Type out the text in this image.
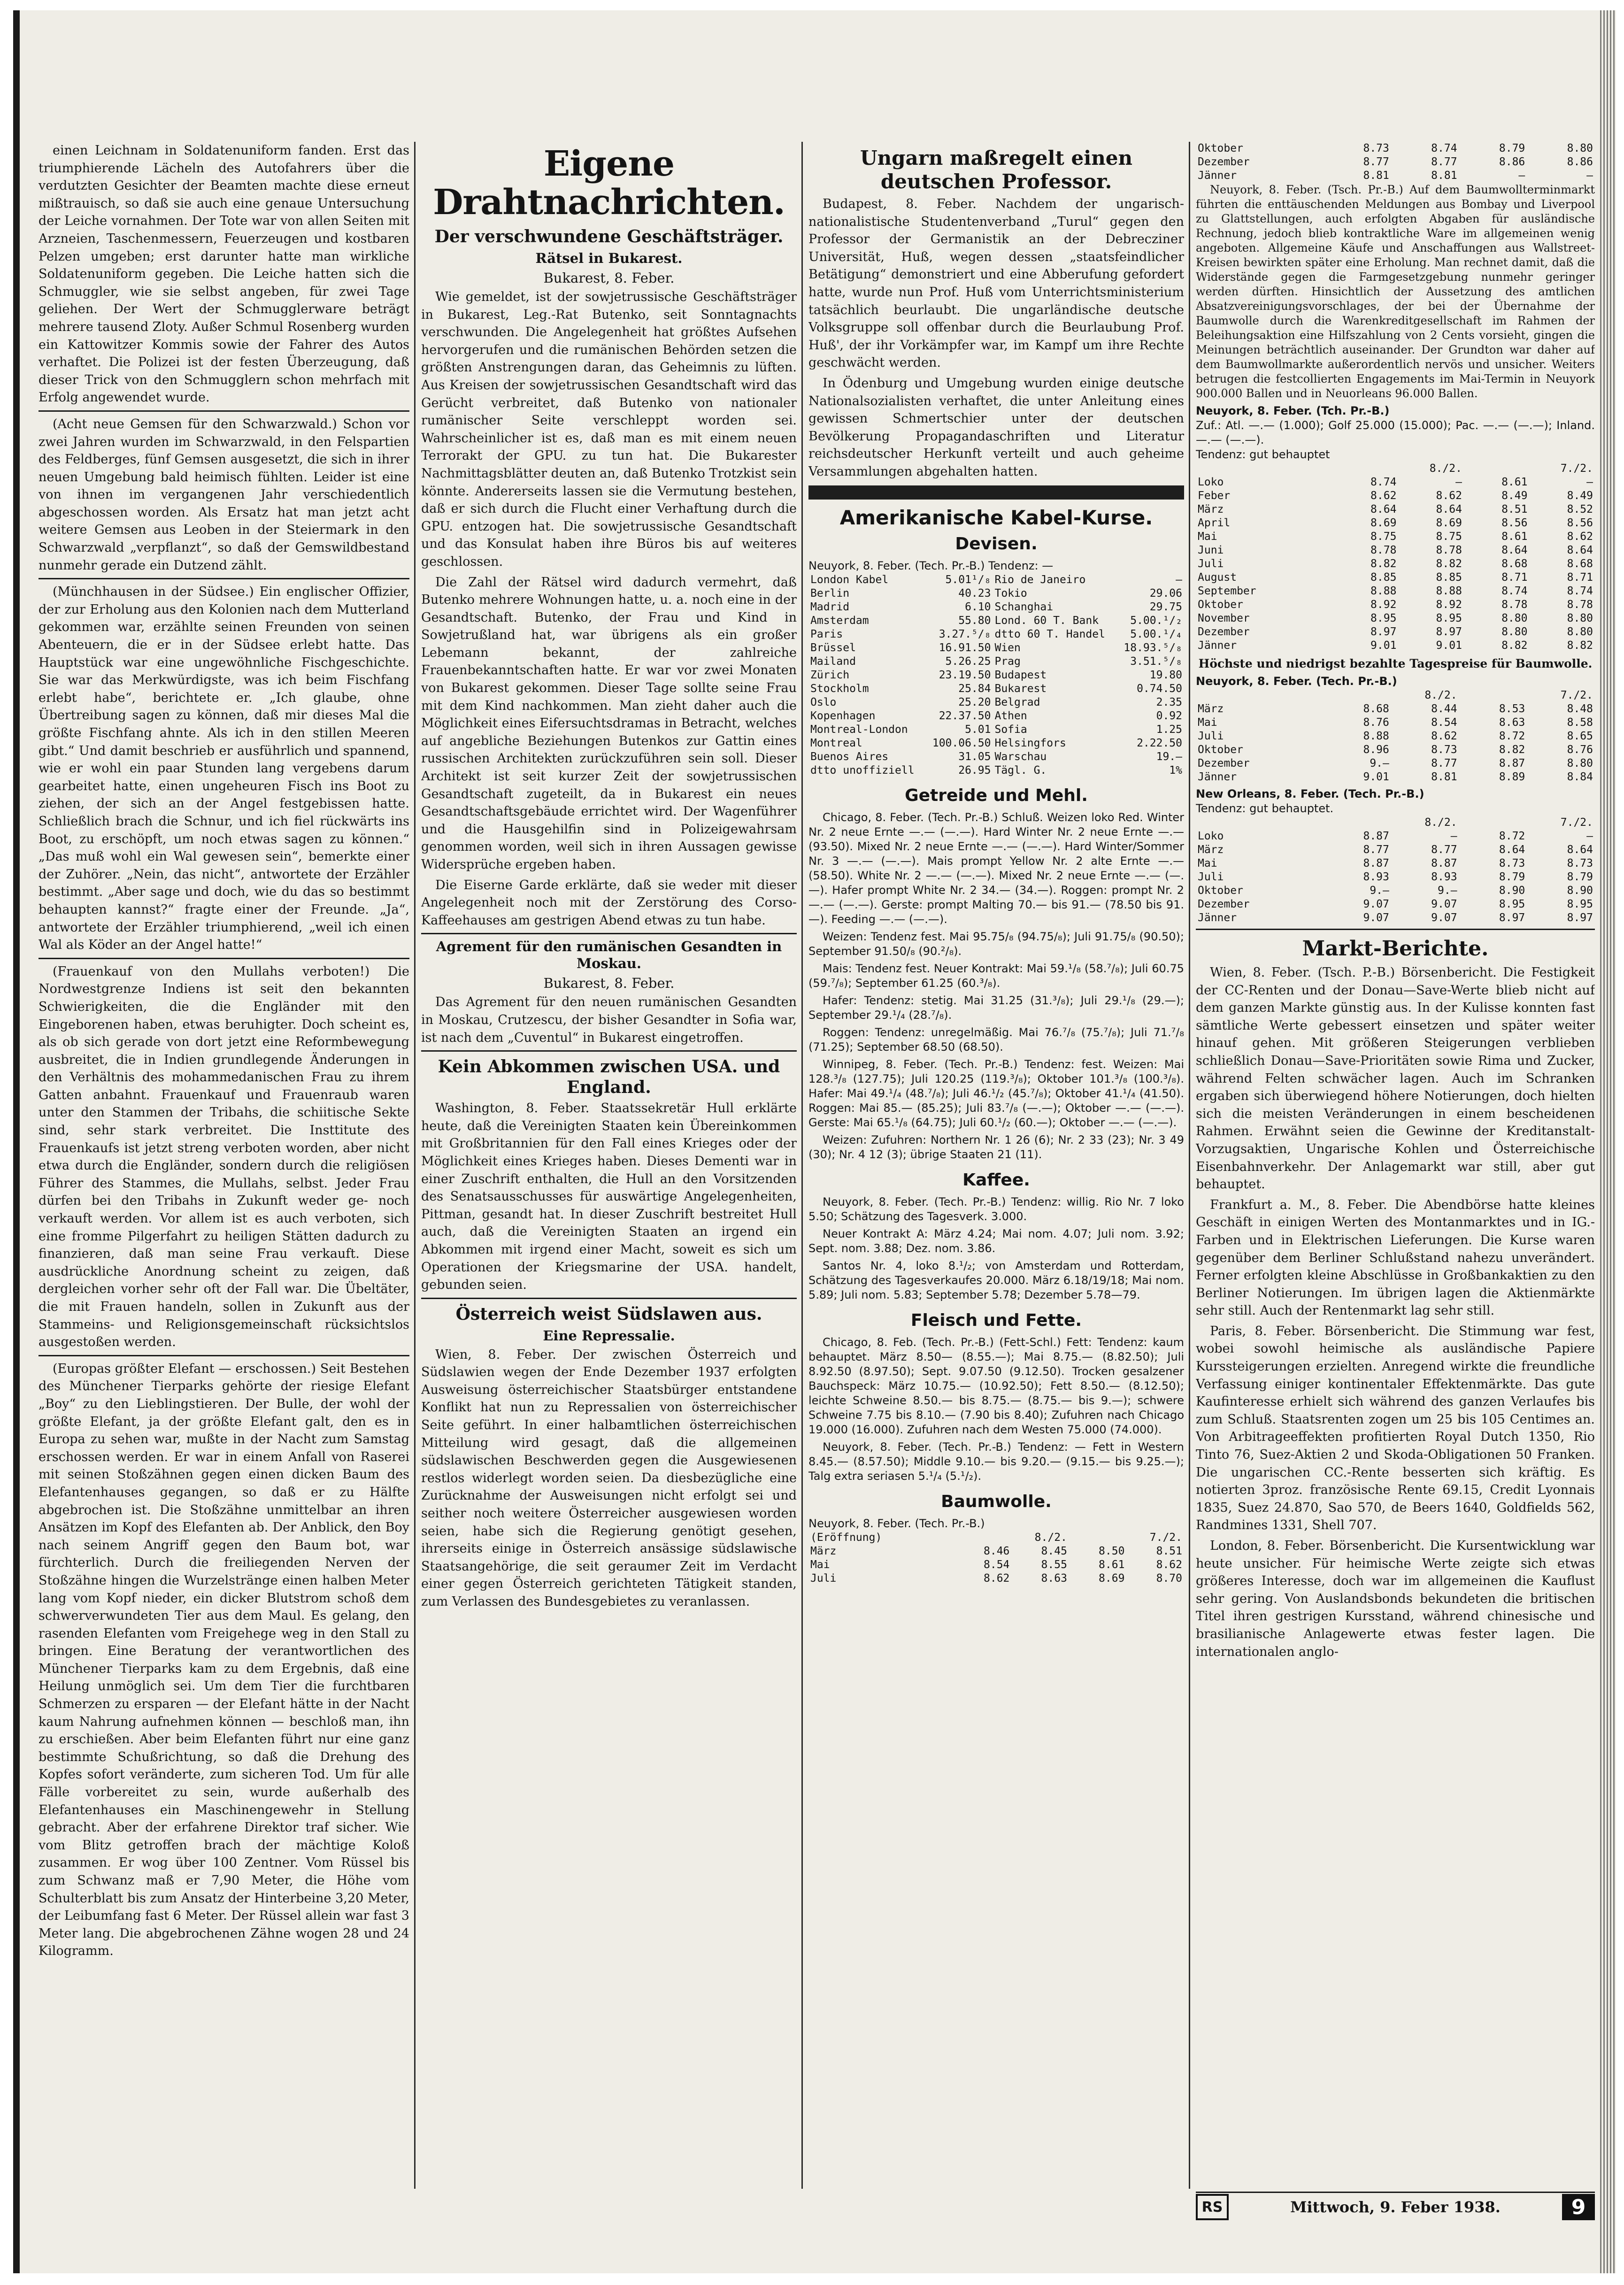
einen Leichnam in Soldatenuniform fanden. Erst das triumphierende Lächeln des Autofahrers über die verdutzten Gesichter der Beamten machte diese erneut mißtrauisch, so daß sie auch eine genaue Untersuchung der Leiche vornahmen. Der Tote war von allen Seiten mit Arzneien, Taschenmessern, Feuerzeugen und kostbaren Pelzen umgeben; erst darunter hatte man wirkliche Soldatenuniform gegeben. Die Leiche hatten sich die Schmuggler, wie sie selbst angeben, für zwei Tage geliehen. Der Wert der Schmugglerware beträgt mehrere tausend Zloty. Außer Schmul Rosenberg wurden ein Kattowitzer Kommis sowie der Fahrer des Autos verhaftet. Die Polizei ist der festen Überzeugung, daß dieser Trick von den Schmugglern schon mehrfach mit Erfolg angewendet wurde.

(Acht neue Gemsen für den Schwarzwald.) Schon vor zwei Jahren wurden im Schwarzwald, in den Felspartien des Feldberges, fünf Gemsen ausgesetzt, die sich in ihrer neuen Umgebung bald heimisch fühlten. Leider ist eine von ihnen im vergangenen Jahr verschiedentlich abgeschossen worden. Als Ersatz hat man jetzt acht weitere Gemsen aus Leoben in der Steiermark in den Schwarzwald „verpflanzt“, so daß der Gemswildbestand nunmehr gerade ein Dutzend zählt.

(Münchhausen in der Südsee.) Ein englischer Offizier, der zur Erholung aus den Kolonien nach dem Mutterland gekommen war, erzählte seinen Freunden von seinen Abenteuern, die er in der Südsee erlebt hatte. Das Hauptstück war eine ungewöhnliche Fischgeschichte. Sie war das Merkwürdigste, was ich beim Fischfang erlebt habe“, berichtete er. „Ich glaube, ohne Übertreibung sagen zu können, daß mir dieses Mal die größte Fischfang ahnte. Als ich in den stillen Meeren gibt.“ Und damit beschrieb er ausführlich und spannend, wie er wohl ein paar Stunden lang vergebens darum gearbeitet hatte, einen ungeheuren Fisch ins Boot zu ziehen, der sich an der Angel festgebissen hatte. Schließlich brach die Schnur, und ich fiel rückwärts ins Boot, zu erschöpft, um noch etwas sagen zu können.“ „Das muß wohl ein Wal gewesen sein“, bemerkte einer der Zuhörer. „Nein, das nicht“, antwortete der Erzähler bestimmt. „Aber sage und doch, wie du das so bestimmt behaupten kannst?“ fragte einer der Freunde. „Ja“, antwortete der Erzähler triumphierend, „weil ich einen Wal als Köder an der Angel hatte!“

(Frauenkauf von den Mullahs verboten!) Die Nordwestgrenze Indiens ist seit den bekannten Schwierigkeiten, die die Engländer mit den Eingeborenen haben, etwas beruhigter. Doch scheint es, als ob sich gerade von dort jetzt eine Reformbewegung ausbreitet, die in Indien grundlegende Änderungen in den Verhältnis des mohammedanischen Frau zu ihrem Gatten anbahnt. Frauenkauf und Frauenraub waren unter den Stammen der Tribahs, die schiitische Sekte sind, sehr stark verbreitet. Die Insttitute des Frauenkaufs ist jetzt streng verboten worden, aber nicht etwa durch die Engländer, sondern durch die religiösen Führer des Stammes, die Mullahs, selbst. Jeder Frau dürfen bei den Tribahs in Zukunft weder ge- noch verkauft werden. Vor allem ist es auch verboten, sich eine fromme Pilgerfahrt zu heiligen Stätten dadurch zu finanzieren, daß man seine Frau verkauft. Diese ausdrückliche Anordnung scheint zu zeigen, daß dergleichen vorher sehr oft der Fall war. Die Übeltäter, die mit Frauen handeln, sollen in Zukunft aus der Stammeins- und Religionsgemeinschaft rücksichtslos ausgestoßen werden.

(Europas größter Elefant — erschossen.) Seit Bestehen des Münchener Tierparks gehörte der riesige Elefant „Boy“ zu den Lieblingstieren. Der Bulle, der wohl der größte Elefant, ja der größte Elefant galt, den es in Europa zu sehen war, mußte in der Nacht zum Samstag erschossen werden. Er war in einem Anfall von Raserei mit seinen Stoßzähnen gegen einen dicken Baum des Elefantenhauses gegangen, so daß er zu Hälfte abgebrochen ist. Die Stoßzähne unmittelbar an ihren Ansätzen im Kopf des Elefanten ab. Der Anblick, den Boy nach seinem Angriff gegen den Baum bot, war fürchterlich. Durch die freiliegenden Nerven der Stoßzähne hingen die Wurzelstränge einen halben Meter lang vom Kopf nieder, ein dicker Blutstrom schoß dem schwerverwundeten Tier aus dem Maul. Es gelang, den rasenden Elefanten vom Freigehege weg in den Stall zu bringen. Eine Beratung der verantwortlichen des Münchener Tierparks kam zu dem Ergebnis, daß eine Heilung unmöglich sei. Um dem Tier die furchtbaren Schmerzen zu ersparen — der Elefant hätte in der Nacht kaum Nahrung aufnehmen können — beschloß man, ihn zu erschießen. Aber beim Elefanten führt nur eine ganz bestimmte Schußrichtung, so daß die Drehung des Kopfes sofort veränderte, zum sicheren Tod. Um für alle Fälle vorbereitet zu sein, wurde außerhalb des Elefantenhauses ein Maschinengewehr in Stellung gebracht. Aber der erfahrene Direktor traf sicher. Wie vom Blitz getroffen brach der mächtige Koloß zusammen. Er wog über 100 Zentner. Vom Rüssel bis zum Schwanz maß er 7,90 Meter, die Höhe vom Schulterblatt bis zum Ansatz der Hinterbeine 3,20 Meter, der Leibumfang fast 6 Meter. Der Rüssel allein war fast 3 Meter lang. Die abgebrochenen Zähne wogen 28 und 24 Kilogramm.

Eigene Drahtnachrichten.
Der verschwundene Geschäftsträger.
Rätsel in Bukarest.
Bukarest, 8. Feber.

Wie gemeldet, ist der sowjetrussische Geschäftsträger in Bukarest, Leg.-Rat Butenko, seit Sonntagnachts verschwunden. Die Angelegenheit hat größtes Aufsehen hervorgerufen und die rumänischen Behörden setzen die größten Anstrengungen daran, das Geheimnis zu lüften. Aus Kreisen der sowjetrussischen Gesandtschaft wird das Gerücht verbreitet, daß Butenko von nationaler rumänischer Seite verschleppt worden sei. Wahrscheinlicher ist es, daß man es mit einem neuen Terrorakt der GPU. zu tun hat. Die Bukarester Nachmittagsblätter deuten an, daß Butenko Trotzkist sein könnte. Andererseits lassen sie die Vermutung bestehen, daß er sich durch die Flucht einer Verhaftung durch die GPU. entzogen hat. Die sowjetrussische Gesandtschaft und das Konsulat haben ihre Büros bis auf weiteres geschlossen.

Die Zahl der Rätsel wird dadurch vermehrt, daß Butenko mehrere Wohnungen hatte, u. a. noch eine in der Gesandtschaft. Butenko, der Frau und Kind in Sowjetrußland hat, war übrigens als ein großer Lebemann bekannt, der zahlreiche Frauenbekanntschaften hatte. Er war vor zwei Monaten von Bukarest gekommen. Dieser Tage sollte seine Frau mit dem Kind nachkommen. Man zieht daher auch die Möglichkeit eines Eifersuchtsdramas in Betracht, welches auf angebliche Beziehungen Butenkos zur Gattin eines russischen Architekten zurückzuführen sein soll. Dieser Architekt ist seit kurzer Zeit der sowjetrussischen Gesandtschaft zugeteilt, da in Bukarest ein neues Gesandtschaftsgebäude errichtet wird. Der Wagenführer und die Hausgehilfin sind in Polizeigewahrsam genommen worden, weil sich in ihren Aussagen gewisse Widersprüche ergeben haben.

Die Eiserne Garde erklärte, daß sie weder mit dieser Angelegenheit noch mit der Zerstörung des Corso-Kaffeehauses am gestrigen Abend etwas zu tun habe.

Agrement für den rumänischen Gesandten in Moskau.
Bukarest, 8. Feber.

Das Agrement für den neuen rumänischen Gesandten in Moskau, Crutzescu, der bisher Gesandter in Sofia war, ist nach dem „Cuventul“ in Bukarest eingetroffen.

Kein Abkommen zwischen USA. und England.

Washington, 8. Feber. Staatssekretär Hull erklärte heute, daß die Vereinigten Staaten kein Übereinkommen mit Großbritannien für den Fall eines Krieges oder der Möglichkeit eines Krieges haben. Dieses Dementi war in einer Zuschrift enthalten, die Hull an den Vorsitzenden des Senatsausschusses für auswärtige Angelegenheiten, Pittman, gesandt hat. In dieser Zuschrift bestreitet Hull auch, daß die Vereinigten Staaten an irgend ein Abkommen mit irgend einer Macht, soweit es sich um Operationen der Kriegsmarine der USA. handelt, gebunden seien.

Österreich weist Südslawen aus.
Eine Repressalie.

Wien, 8. Feber. Der zwischen Österreich und Südslawien wegen der Ende Dezember 1937 erfolgten Ausweisung österreichischer Staatsbürger entstandene Konflikt hat nun zu Repressalien von österreichischer Seite geführt. In einer halbamtlichen österreichischen Mitteilung wird gesagt, daß die allgemeinen südslawischen Beschwerden gegen die Ausgewiesenen restlos widerlegt worden seien. Da diesbezügliche eine Zurücknahme der Ausweisungen nicht erfolgt sei und seither noch weitere Österreicher ausgewiesen worden seien, habe sich die Regierung genötigt gesehen, ihrerseits einige in Österreich ansässige südslawische Staatsangehörige, die seit geraumer Zeit im Verdacht einer gegen Österreich gerichteten Tätigkeit standen, zum Verlassen des Bundesgebietes zu veranlassen.

Ungarn maßregelt einen deutschen Professor.

Budapest, 8. Feber. Nachdem der ungarisch-nationalistische Studentenverband „Turul“ gegen den Professor der Germanistik an der Debrecziner Universität, Huß, wegen dessen „staatsfeindlicher Betätigung“ demonstriert und eine Abberufung gefordert hatte, wurde nun Prof. Huß vom Unterrichtsministerium tatsächlich beurlaubt. Die ungarländische deutsche Volksgruppe soll offenbar durch die Beurlaubung Prof. Huß', der ihr Vorkämpfer war, im Kampf um ihre Rechte geschwächt werden.

In Ödenburg und Umgebung wurden einige deutsche Nationalsozialisten verhaftet, die unter Anleitung eines gewissen Schmertschier unter der deutschen Bevölkerung Propagandaschriften und Literatur reichsdeutscher Herkunft verteilt und auch geheime Versammlungen abgehalten hatten.

Amerikanische Kabel-Kurse.
Devisen.
Neuyork, 8. Feber. (Tech. Pr.-B.) Tendenz: —
London Kabel	5.01¹/₈	Rio de Janeiro	—
Berlin	40.23	Tokio	29.06
Madrid	6.10	Schanghai	29.75
Amsterdam	55.80	Lond. 60 T. Bank	5.00.¹/₂
Paris	3.27.⁵/₈	dtto 60 T. Handel	5.00.¹/₄
Brüssel	16.91.50	Wien	18.93.⁵/₈
Mailand	5.26.25	Prag	3.51.⁵/₈
Zürich	23.19.50	Budapest	19.80
Stockholm	25.84	Bukarest	0.74.50
Oslo	25.20	Belgrad	2.35
Kopenhagen	22.37.50	Athen	0.92
Montreal-London	5.01	Sofia	1.25
Montreal	100.06.50	Helsingfors	2.22.50
Buenos Aires	31.05	Warschau	19.—
dtto unoffiziell	26.95	Tägl. G.	1%
Getreide und Mehl.

Chicago, 8. Feber. (Tech. Pr.-B.) Schluß. Weizen loko Red. Winter Nr. 2 neue Ernte —.— (—.—). Hard Winter Nr. 2 neue Ernte —.— (93.50). Mixed Nr. 2 neue Ernte —.— (—.—). Hard Winter/Sommer Nr. 3 —.— (—.—). Mais prompt Yellow Nr. 2 alte Ernte —.— (58.50). White Nr. 2 —.— (—.—). Mixed Nr. 2 neue Ernte —.— (—.—). Hafer prompt White Nr. 2 34.— (34.—). Roggen: prompt Nr. 2 —.— (—.—). Gerste: prompt Malting 70.— bis 91.— (78.50 bis 91.—). Feeding —.— (—.—).

Weizen: Tendenz fest. Mai 95.75/₈ (94.75/₈); Juli 91.75/₈ (90.50); September 91.50/₈ (90.²/₈).

Mais: Tendenz fest. Neuer Kontrakt: Mai 59.¹/₈ (58.⁷/₈); Juli 60.75 (59.⁷/₈); September 61.25 (60.³/₈).

Hafer: Tendenz: stetig. Mai 31.25 (31.³/₈); Juli 29.¹/₈ (29.—); September 29.¹/₄ (28.⁷/₈).

Roggen: Tendenz: unregelmäßig. Mai 76.⁷/₈ (75.⁷/₈); Juli 71.⁷/₈ (71.25); September 68.50 (68.50).

Winnipeg, 8. Feber. (Tech. Pr.-B.) Tendenz: fest. Weizen: Mai 128.³/₈ (127.75); Juli 120.25 (119.³/₈); Oktober 101.³/₈ (100.³/₈). Hafer: Mai 49.¹/₄ (48.⁷/₈); Juli 46.¹/₂ (45.⁷/₈); Oktober 41.¹/₄ (41.50). Roggen: Mai 85.— (85.25); Juli 83.⁷/₈ (—.—); Oktober —.— (—.—). Gerste: Mai 65.¹/₈ (64.75); Juli 60.¹/₂ (60.—); Oktober —.— (—.—).

Weizen: Zufuhren: Northern Nr. 1 26 (6); Nr. 2 33 (23); Nr. 3 49 (30); Nr. 4 12 (3); übrige Staaten 21 (11).

Kaffee.

Neuyork, 8. Feber. (Tech. Pr.-B.) Tendenz: willig. Rio Nr. 7 loko 5.50; Schätzung des Tagesverk. 3.000.

Neuer Kontrakt A: März 4.24; Mai nom. 4.07; Juli nom. 3.92; Sept. nom. 3.88; Dez. nom. 3.86.

Santos Nr. 4, loko 8.¹/₂; von Amsterdam und Rotterdam, Schätzung des Tagesverkaufes 20.000. März 6.18/19/18; Mai nom. 5.89; Juli nom. 5.83; September 5.78; Dezember 5.78—79.

Fleisch und Fette.

Chicago, 8. Feb. (Tech. Pr.-B.) (Fett-Schl.) Fett: Tendenz: kaum behauptet. März 8.50— (8.55.—); Mai 8.75.— (8.82.50); Juli 8.92.50 (8.97.50); Sept. 9.07.50 (9.12.50). Trocken gesalzener Bauchspeck: März 10.75.— (10.92.50); Fett 8.50.— (8.12.50); leichte Schweine 8.50.— bis 8.75.— (8.75.— bis 9.—); schwere Schweine 7.75 bis 8.10.— (7.90 bis 8.40); Zufuhren nach Chicago 19.000 (16.000). Zufuhren nach dem Westen 75.000 (74.000).

Neuyork, 8. Feber. (Tech. Pr.-B.) Tendenz: — Fett in Western 8.45.— (8.57.50); Middle 9.10.— bis 9.20.— (9.15.— bis 9.25.—); Talg extra seriasen 5.¹/₄ (5.¹/₂).

Baumwolle.
Neuyork, 8. Feber. (Tech. Pr.-B.)
(Eröffnung)	8./2.		7./2.	
März	8.46	8.45	8.50	8.51
Mai	8.54	8.55	8.61	8.62
Juli	8.62	8.63	8.69	8.70
Oktober	8.73	8.74	8.79	8.80
Dezember	8.77	8.77	8.86	8.86
Jänner	8.81	8.81	—	—

Neuyork, 8. Feber. (Tsch. Pr.-B.) Auf dem Baumwollterminmarkt führten die enttäuschenden Meldungen aus Bombay und Liverpool zu Glattstellungen, auch erfolgten Abgaben für ausländische Rechnung, jedoch blieb kontraktliche Ware im allgemeinen wenig angeboten. Allgemeine Käufe und Anschaffungen aus Wallstreet-Kreisen bewirkten später eine Erholung. Man rechnet damit, daß die Widerstände gegen die Farmgesetzgebung nunmehr geringer werden dürften. Hinsichtlich der Aussetzung des amtlichen Absatzvereinigungsvorschlages, der bei der Übernahme der Baumwolle durch die Warenkreditgesellschaft im Rahmen der Beleihungsaktion eine Hilfszahlung von 2 Cents vorsieht, gingen die Meinungen beträchtlich auseinander. Der Grundton war daher auf dem Baumwollmarkte außerordentlich nervös und unsicher. Weiters betrugen die festcollierten Engagements im Mai-Termin in Neuyork 900.000 Ballen und in Neuorleans 96.000 Ballen.

Neuyork, 8. Feber. (Tch. Pr.-B.)
Zuf.: Atl. —.— (1.000); Golf 25.000 (15.000); Pac. —.— (—.—); Inland. —.— (—.—).
Tendenz: gut behauptet
	8./2.		7./2.	
Loko	8.74	—	8.61	—
Feber	8.62	8.62	8.49	8.49
März	8.64	8.64	8.51	8.52
April	8.69	8.69	8.56	8.56
Mai	8.75	8.75	8.61	8.62
Juni	8.78	8.78	8.64	8.64
Juli	8.82	8.82	8.68	8.68
August	8.85	8.85	8.71	8.71
September	8.88	8.88	8.74	8.74
Oktober	8.92	8.92	8.78	8.78
November	8.95	8.95	8.80	8.80
Dezember	8.97	8.97	8.80	8.80
Jänner	9.01	9.01	8.82	8.82
Höchste und niedrigst bezahlte Tagespreise für Baumwolle.
Neuyork, 8. Feber. (Tech. Pr.-B.)
	8./2.		7./2.	
März	8.68	8.44	8.53	8.48
Mai	8.76	8.54	8.63	8.58
Juli	8.88	8.62	8.72	8.65
Oktober	8.96	8.73	8.82	8.76
Dezember	9.—	8.77	8.87	8.80
Jänner	9.01	8.81	8.89	8.84
New Orleans, 8. Feber. (Tech. Pr.-B.)
Tendenz: gut behauptet.
	8./2.		7./2.	
Loko	8.87	—	8.72	—
März	8.77	8.77	8.64	8.64
Mai	8.87	8.87	8.73	8.73
Juli	8.93	8.93	8.79	8.79
Oktober	9.—	9.—	8.90	8.90
Dezember	9.07	9.07	8.95	8.95
Jänner	9.07	9.07	8.97	8.97
Markt-Berichte.

Wien, 8. Feber. (Tsch. P.-B.) Börsenbericht. Die Festigkeit der CC-Renten und der Donau—Save-Werte blieb nicht auf dem ganzen Markte günstig aus. In der Kulisse konnten fast sämtliche Werte gebessert einsetzen und später weiter hinauf gehen. Mit größeren Steigerungen verblieben schließlich Donau—Save-Prioritäten sowie Rima und Zucker, während Felten schwächer lagen. Auch im Schranken ergaben sich überwiegend höhere Notierungen, doch hielten sich die meisten Veränderungen in einem bescheidenen Rahmen. Erwähnt seien die Gewinne der Kreditanstalt-Vorzugsaktien, Ungarische Kohlen und Österreichische Eisenbahnverkehr. Der Anlagemarkt war still, aber gut behauptet.

Frankfurt a. M., 8. Feber. Die Abendbörse hatte kleines Geschäft in einigen Werten des Montanmarktes und in IG.-Farben und in Elektrischen Lieferungen. Die Kurse waren gegenüber dem Berliner Schlußstand nahezu unverändert. Ferner erfolgten kleine Abschlüsse in Großbankaktien zu den Berliner Notierungen. Im übrigen lagen die Aktienmärkte sehr still. Auch der Rentenmarkt lag sehr still.

Paris, 8. Feber. Börsenbericht. Die Stimmung war fest, wobei sowohl heimische als ausländische Papiere Kurssteigerungen erzielten. Anregend wirkte die freundliche Verfassung einiger kontinentaler Effektenmärkte. Das gute Kaufinteresse erhielt sich während des ganzen Verlaufes bis zum Schluß. Staatsrenten zogen um 25 bis 105 Centimes an. Von Arbitrageeffekten profitierten Royal Dutch 1350, Rio Tinto 76, Suez-Aktien 2 und Skoda-Obligationen 50 Franken. Die ungarischen CC.-Rente besserten sich kräftig. Es notierten 3proz. französische Rente 69.15, Credit Lyonnais 1835, Suez 24.870, Sao 570, de Beers 1640, Goldfields 562, Randmines 1331, Shell 707.

London, 8. Feber. Börsenbericht. Die Kursentwicklung war heute unsicher. Für heimische Werte zeigte sich etwas größeres Interesse, doch war im allgemeinen die Kauflust sehr gering. Von Auslandsbonds bekundeten die britischen Titel ihren gestrigen Kursstand, während chinesische und brasilianische Anlagewerte etwas fester lagen. Die internationalen anglo-

RS	Mittwoch, 9. Feber 1938.	9
